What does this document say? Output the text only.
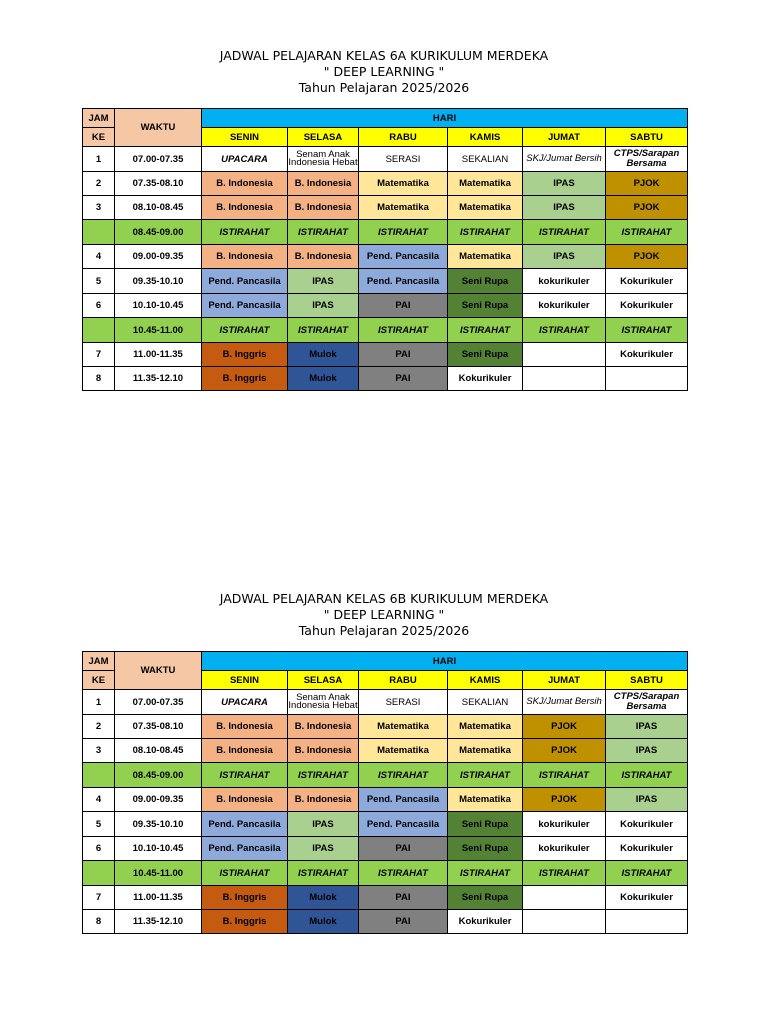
JADWAL PELAJARAN KELAS 6A KURIKULUM MERDEKA
" DEEP LEARNING "
Tahun Pelajaran 2025/2026
JAM	WAKTU	HARI					
KE		SENIN	SELASA	RABU	KAMIS	JUMAT	SABTU
1	07.00-07.35	UPACARA	Senam Anak Indonesia Hebat	SERASI	SEKALIAN	SKJ/Jumat Bersih	CTPS/Sarapan Bersama
2	07.35-08.10	B. Indonesia	B. Indonesia	Matematika	Matematika	IPAS	PJOK
3	08.10-08.45	B. Indonesia	B. Indonesia	Matematika	Matematika	IPAS	PJOK
	08.45-09.00	ISTIRAHAT	ISTIRAHAT	ISTIRAHAT	ISTIRAHAT	ISTIRAHAT	ISTIRAHAT
4	09.00-09.35	B. Indonesia	B. Indonesia	Pend. Pancasila	Matematika	IPAS	PJOK
5	09.35-10.10	Pend. Pancasila	IPAS	Pend. Pancasila	Seni Rupa	kokurikuler	Kokurikuler
6	10.10-10.45	Pend. Pancasila	IPAS	PAI	Seni Rupa	kokurikuler	Kokurikuler
	10.45-11.00	ISTIRAHAT	ISTIRAHAT	ISTIRAHAT	ISTIRAHAT	ISTIRAHAT	ISTIRAHAT
7	11.00-11.35	B. Inggris	Mulok	PAI	Seni Rupa		Kokurikuler
8	11.35-12.10	B. Inggris	Mulok	PAI	Kokurikuler		
JADWAL PELAJARAN KELAS 6B KURIKULUM MERDEKA
" DEEP LEARNING "
Tahun Pelajaran 2025/2026
JAM	WAKTU	HARI					
KE		SENIN	SELASA	RABU	KAMIS	JUMAT	SABTU
1	07.00-07.35	UPACARA	Senam Anak Indonesia Hebat	SERASI	SEKALIAN	SKJ/Jumat Bersih	CTPS/Sarapan Bersama
2	07.35-08.10	B. Indonesia	B. Indonesia	Matematika	Matematika	PJOK	IPAS
3	08.10-08.45	B. Indonesia	B. Indonesia	Matematika	Matematika	PJOK	IPAS
	08.45-09.00	ISTIRAHAT	ISTIRAHAT	ISTIRAHAT	ISTIRAHAT	ISTIRAHAT	ISTIRAHAT
4	09.00-09.35	B. Indonesia	B. Indonesia	Pend. Pancasila	Matematika	PJOK	IPAS
5	09.35-10.10	Pend. Pancasila	IPAS	Pend. Pancasila	Seni Rupa	kokurikuler	Kokurikuler
6	10.10-10.45	Pend. Pancasila	IPAS	PAI	Seni Rupa	kokurikuler	Kokurikuler
	10.45-11.00	ISTIRAHAT	ISTIRAHAT	ISTIRAHAT	ISTIRAHAT	ISTIRAHAT	ISTIRAHAT
7	11.00-11.35	B. Inggris	Mulok	PAI	Seni Rupa		Kokurikuler
8	11.35-12.10	B. Inggris	Mulok	PAI	Kokurikuler		
